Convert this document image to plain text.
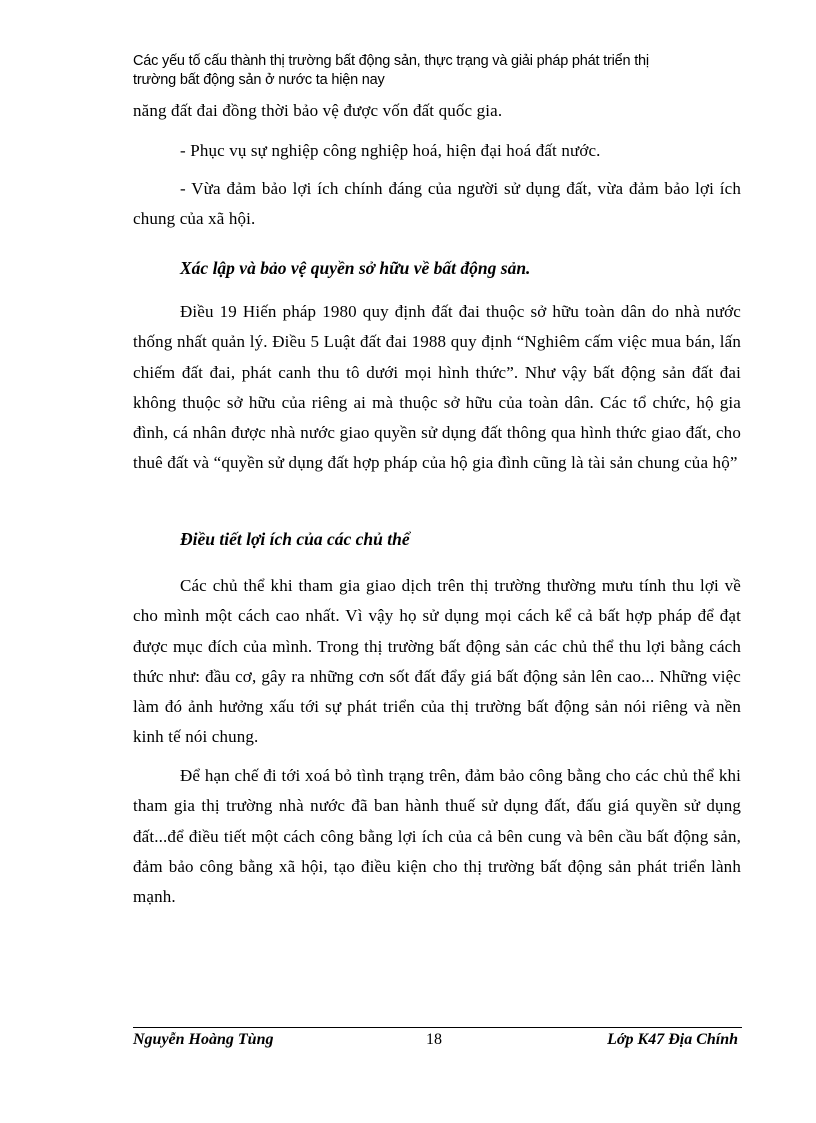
Các yếu tố cấu thành thị trường bất động sản, thực trạng và giải pháp phát triển thị
trường bất động sản ở nước ta hiện nay

năng đất đai đồng thời bảo vệ được vốn đất quốc gia.

- Phục vụ sự nghiệp công nghiệp hoá, hiện đại hoá đất nước.

- Vừa đảm bảo lợi ích chính đáng của người sử dụng đất, vừa đảm bảo lợi ích chung của xã hội.

Xác lập và bảo vệ quyền sở hữu về bất động sản.

Điều 19 Hiến pháp 1980 quy định đất đai thuộc sở hữu toàn dân do nhà nước thống nhất quản lý. Điều 5 Luật đất đai 1988 quy định “Nghiêm cấm việc mua bán, lấn chiếm đất đai, phát canh thu tô dưới mọi hình thức”. Như vậy bất động sản đất đai không thuộc sở hữu của riêng ai mà thuộc sở hữu của toàn dân. Các tổ chức, hộ gia đình, cá nhân được nhà nước giao quyền sử dụng đất thông qua hình thức giao đất, cho thuê đất và “quyền sử dụng đất hợp pháp của hộ gia đình cũng là tài sản chung của hộ”

Điều tiết lợi ích của các chủ thể

Các chủ thể khi tham gia giao dịch trên thị trường thường mưu tính thu lợi về cho mình một cách cao nhất. Vì vậy họ sử dụng mọi cách kể cả bất hợp pháp để đạt được mục đích của mình. Trong thị trường bất động sản các chủ thể thu lợi bằng cách thức như: đầu cơ, gây ra những cơn sốt đất đẩy giá bất động sản lên cao... Những việc làm đó ảnh hưởng xấu tới sự phát triển của thị trường bất động sản nói riêng và nền kinh tế nói chung.

Để hạn chế đi tới xoá bỏ tình trạng trên, đảm bảo công bằng cho các chủ thể khi tham gia thị trường nhà nước đã ban hành thuế sử dụng đất, đấu giá quyền sử dụng đất...để điều tiết một cách công bằng lợi ích của cả bên cung và bên cầu bất động sản, đảm bảo công bằng xã hội, tạo điều kiện cho thị trường bất động sản phát triển lành mạnh.

Nguyễn Hoàng Tùng	18	Lớp K47 Địa Chính
